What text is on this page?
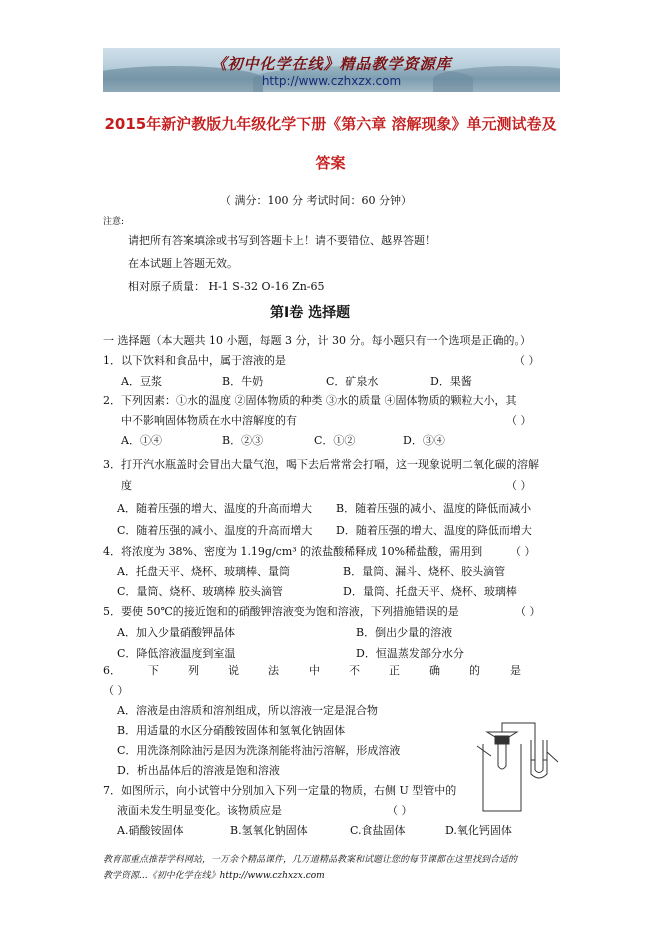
《初中化学在线》精品教学资源库
http://www.czhxzx.com
2015年新沪教版九年级化学下册《第六章 溶解现象》单元测试卷及
答案
（ 满分：100 分 考试时间：60 分钟）
注意:
请把所有答案填涂或书写到答题卡上！请不要错位、越界答题！
在本试题上答题无效。
相对原子质量： H-1 S-32 O-16 Zn-65
第Ⅰ卷 选择题
一 选择题（本大题共 10 小题，每题 3 分，计 30 分。每小题只有一个选项是正确的。）
1．以下饮料和食品中，属于溶液的是	（ ）
A．豆浆	B．牛奶	C．矿泉水	D．果酱
2．下列因素：①水的温度 ②固体物质的种类 ③水的质量 ④固体物质的颗粒大小，其
中不影响固体物质在水中溶解度的有	（ ）
A．①④	B．②③	C．①②	D．③④
3．打开汽水瓶盖时会冒出大量气泡，喝下去后常常会打嗝，这一现象说明二氧化碳的溶解
度	（ ）
A．随着压强的增大、温度的升高而增大 B．随着压强的减小、温度的降低而减小
C．随着压强的减小、温度的升高而增大 D．随着压强的增大、温度的降低而增大
4．将浓度为 38%、密度为 1.19g/cm³ 的浓盐酸稀释成 10%稀盐酸，需用到	（ ）
A．托盘天平、烧杯、玻璃棒、量筒	B．量筒、漏斗、烧杯、胶头滴管
C．量筒、烧杯、玻璃棒 胶头滴管	D．量筒、托盘天平、烧杯、玻璃棒
5．要使 50℃的接近饱和的硝酸钾溶液变为饱和溶液，下列措施错误的是	（ ）
A．加入少量硝酸钾晶体	B．倒出少量的溶液
C．降低溶液温度到室温	D．恒温蒸发部分水分
6． 下	列	说	法	中	不	正	确	的	是
（ ）
A．溶液是由溶质和溶剂组成，所以溶液一定是混合物
B．用适量的水区分硝酸铵固体和氢氧化钠固体
C．用洗涤剂除油污是因为洗涤剂能将油污溶解，形成溶液
D．析出晶体后的溶液是饱和溶液
7．如图所示，向小试管中分别加入下列一定量的物质，右侧 U 型管中的
液面未发生明显变化。该物质应是	（ ）
A.硝酸铵固体	B.氢氧化钠固体	C.食盐固体	D.氧化钙固体
教育部重点推荐学科网站，一万余个精品课件，几万道精品教案和试题让您的每节课都在这里找到合适的
教学资源...《初中化学在线》http://www.czhxzx.com
